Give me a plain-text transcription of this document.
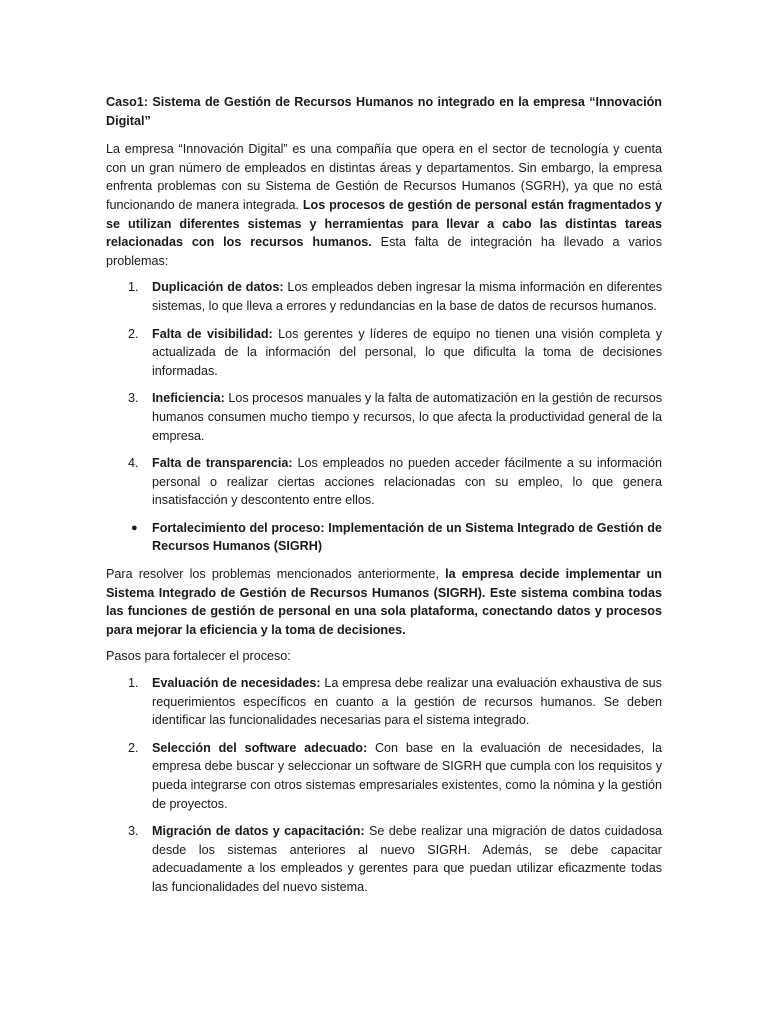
Caso1: Sistema de Gestión de Recursos Humanos no integrado en la empresa “Innovación Digital”

La empresa “Innovación Digital” es una compañía que opera en el sector de tecnología y cuenta con un gran número de empleados en distintas áreas y departamentos. Sin embargo, la empresa enfrenta problemas con su Sistema de Gestión de Recursos Humanos (SGRH), ya que no está funcionando de manera integrada. Los procesos de gestión de personal están fragmentados y se utilizan diferentes sistemas y herramientas para llevar a cabo las distintas tareas relacionadas con los recursos humanos. Esta falta de integración ha llevado a varios problemas:

1. Duplicación de datos: Los empleados deben ingresar la misma información en diferentes sistemas, lo que lleva a errores y redundancias en la base de datos de recursos humanos.
2. Falta de visibilidad: Los gerentes y líderes de equipo no tienen una visión completa y actualizada de la información del personal, lo que dificulta la toma de decisiones informadas.
3. Ineficiencia: Los procesos manuales y la falta de automatización en la gestión de recursos humanos consumen mucho tiempo y recursos, lo que afecta la productividad general de la empresa.
4. Falta de transparencia: Los empleados no pueden acceder fácilmente a su información personal o realizar ciertas acciones relacionadas con su empleo, lo que genera insatisfacción y descontento entre ellos.
● Fortalecimiento del proceso: Implementación de un Sistema Integrado de Gestión de Recursos Humanos (SIGRH)

Para resolver los problemas mencionados anteriormente, la empresa decide implementar un Sistema Integrado de Gestión de Recursos Humanos (SIGRH). Este sistema combina todas las funciones de gestión de personal en una sola plataforma, conectando datos y procesos para mejorar la eficiencia y la toma de decisiones.

Pasos para fortalecer el proceso:

1. Evaluación de necesidades: La empresa debe realizar una evaluación exhaustiva de sus requerimientos específicos en cuanto a la gestión de recursos humanos. Se deben identificar las funcionalidades necesarias para el sistema integrado.
2. Selección del software adecuado: Con base en la evaluación de necesidades, la empresa debe buscar y seleccionar un software de SIGRH que cumpla con los requisitos y pueda integrarse con otros sistemas empresariales existentes, como la nómina y la gestión de proyectos.
3. Migración de datos y capacitación: Se debe realizar una migración de datos cuidadosa desde los sistemas anteriores al nuevo SIGRH. Además, se debe capacitar adecuadamente a los empleados y gerentes para que puedan utilizar eficazmente todas las funcionalidades del nuevo sistema.
